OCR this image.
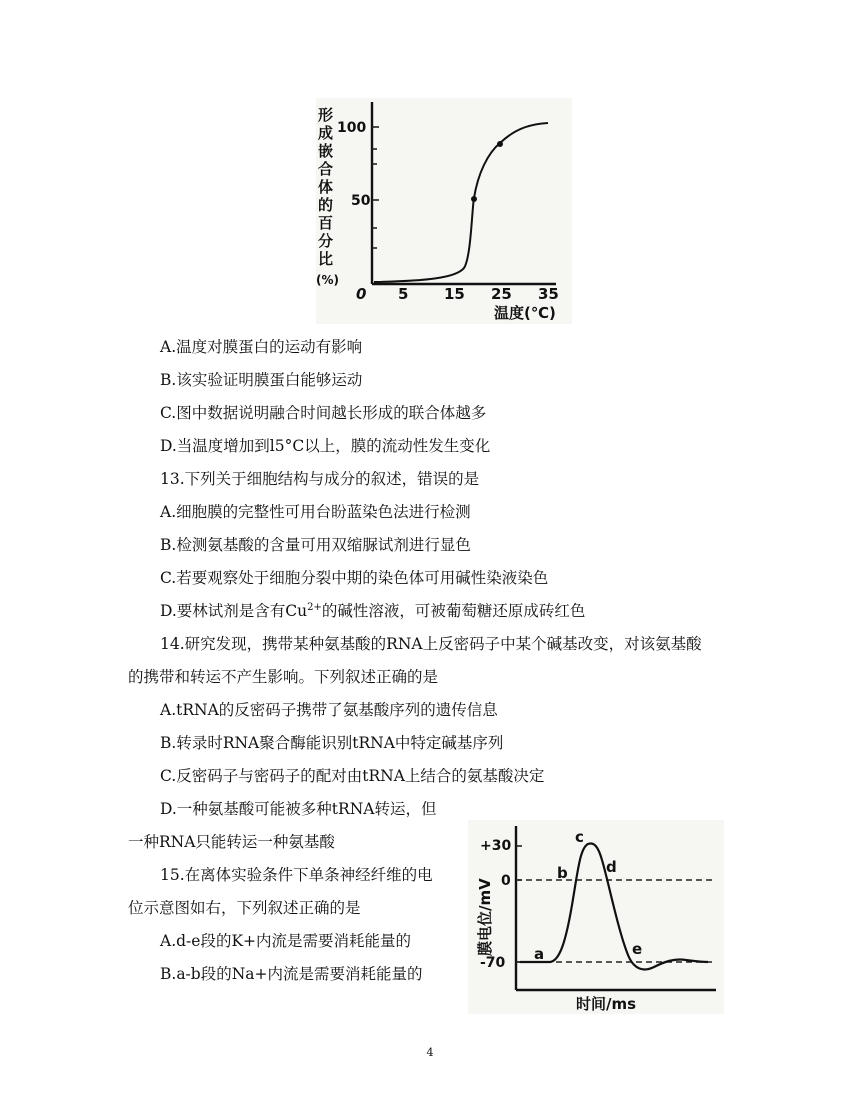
形
成
嵌
合
体
的
百
分
比
(%)
100
50
0 5 15 25 35
温度(℃)
A.温度对膜蛋白的运动有影响
B.该实验证明膜蛋白能够运动
C.图中数据说明融合时间越长形成的联合体越多
D.当温度增加到l5°C以上，膜的流动性发生变化
13.下列关于细胞结构与成分的叙述，错误的是
A.细胞膜的完整性可用台盼蓝染色法进行检测
B.检测氨基酸的含量可用双缩脲试剂进行显色
C.若要观察处于细胞分裂中期的染色体可用碱性染液染色
D.要林试剂是含有$Cu^{2+}$的碱性溶液，可被葡萄糖还原成砖红色
14.研究发现，携带某种氨基酸的RNA上反密码子中某个碱基改变，对该氨基酸
的携带和转运不产生影响。下列叙述正确的是
A.tRNA的反密码子携带了氨基酸序列的遗传信息
B.转录时RNA聚合酶能识别tRNA中特定碱基序列
C.反密码子与密码子的配对由tRNA上结合的氨基酸决定
D.一种氨基酸可能被多种tRNA转运，但
一种RNA只能转运一种氨基酸
15.在离体实验条件下单条神经纤维的电
位示意图如右，下列叙述正确的是
A.d-e段的K+内流是需要消耗能量的
B.a-b段的Na+内流是需要消耗能量的
膜电位/mV
+30
0
-70 a
b
c
d
e
时间/ms
4
